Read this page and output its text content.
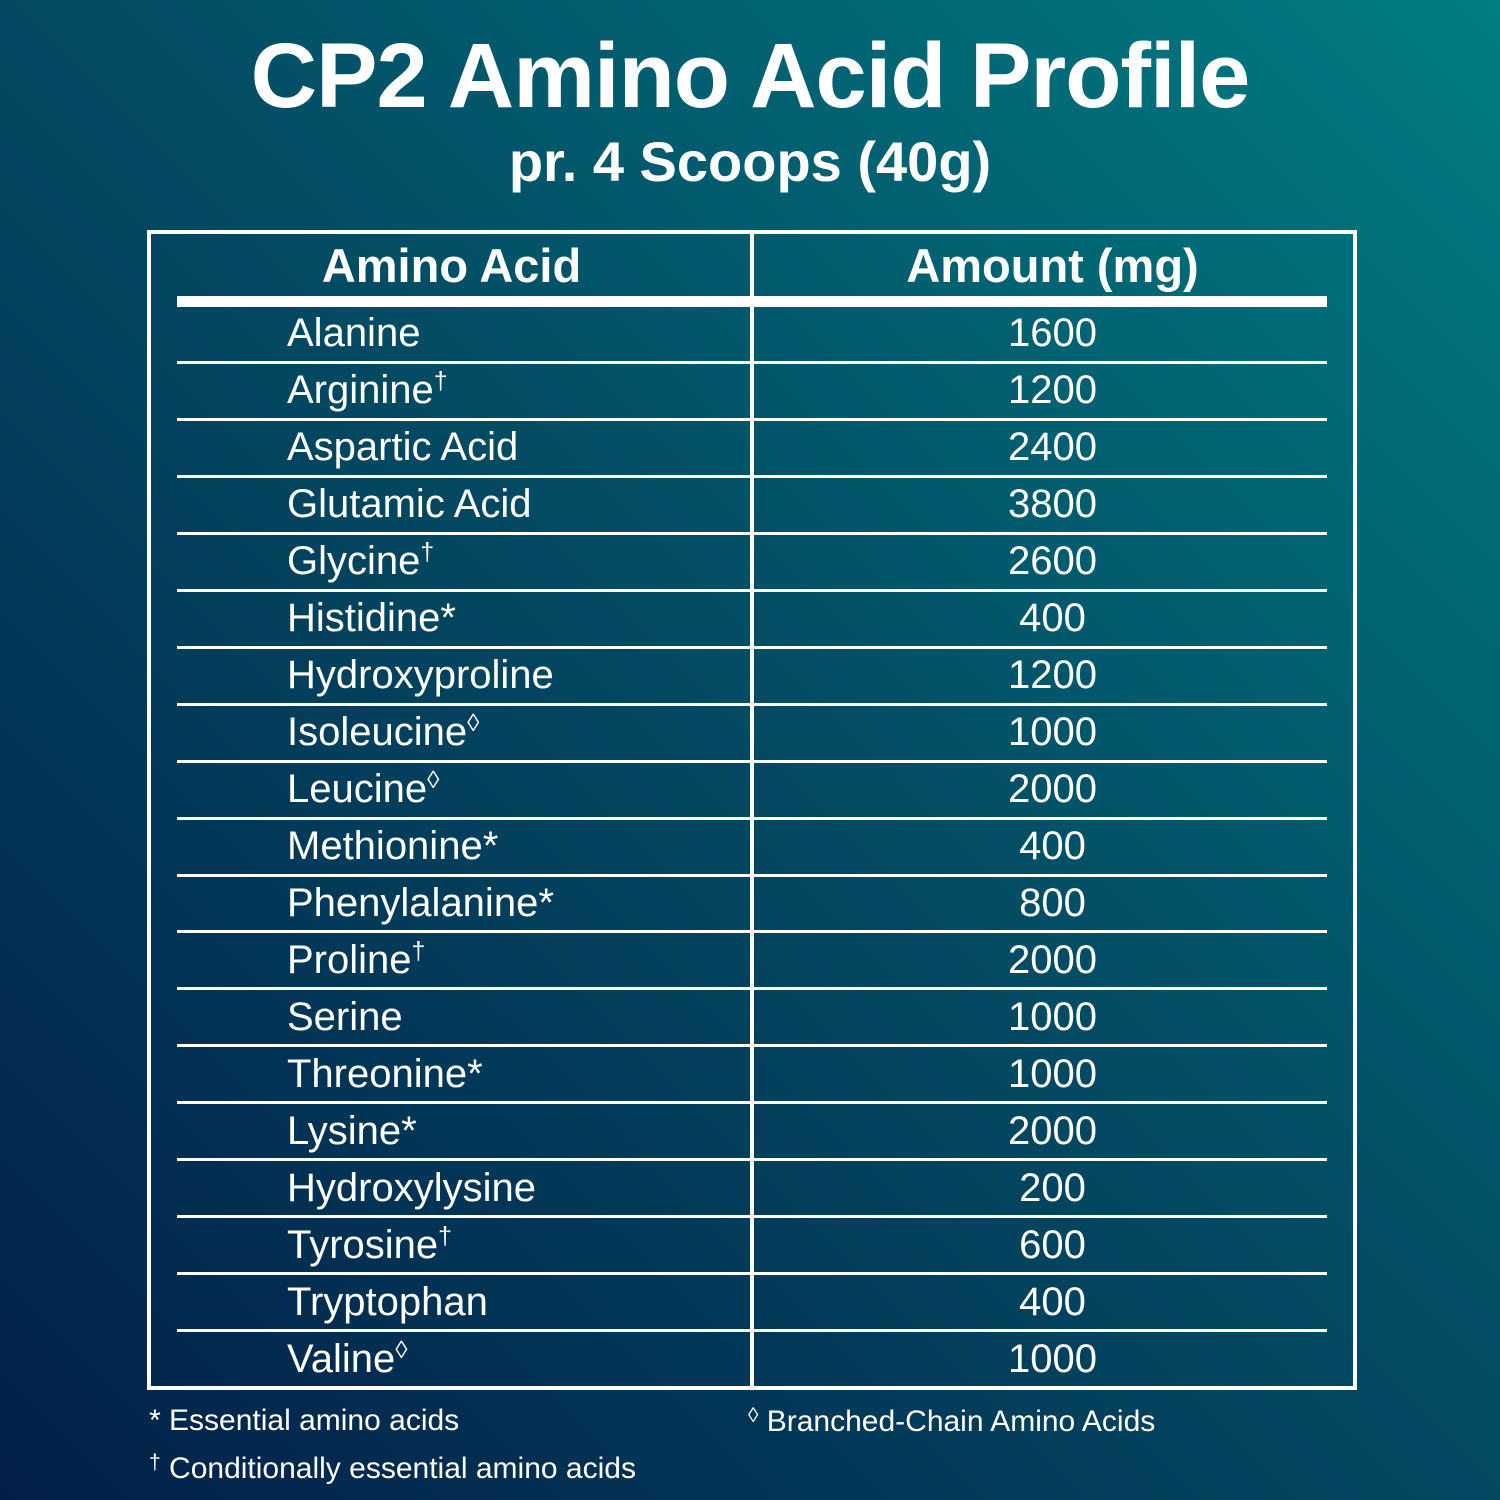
CP2 Amino Acid Profile
pr. 4 Scoops (40g)
Amino Acid	Amount (mg)
Alanine	1600
Arginine†	1200
Aspartic Acid	2400
Glutamic Acid	3800
Glycine†	2600
Histidine*	400
Hydroxyproline	1200
Isoleucine◊	1000
Leucine◊	2000
Methionine*	400
Phenylalanine*	800
Proline†	2000
Serine	1000
Threonine*	1000
Lysine*	2000
Hydroxylysine	200
Tyrosine†	600
Tryptophan	400
Valine◊	1000
* Essential amino acids
† Conditionally essential amino acids
◊ Branched-Chain Amino Acids
